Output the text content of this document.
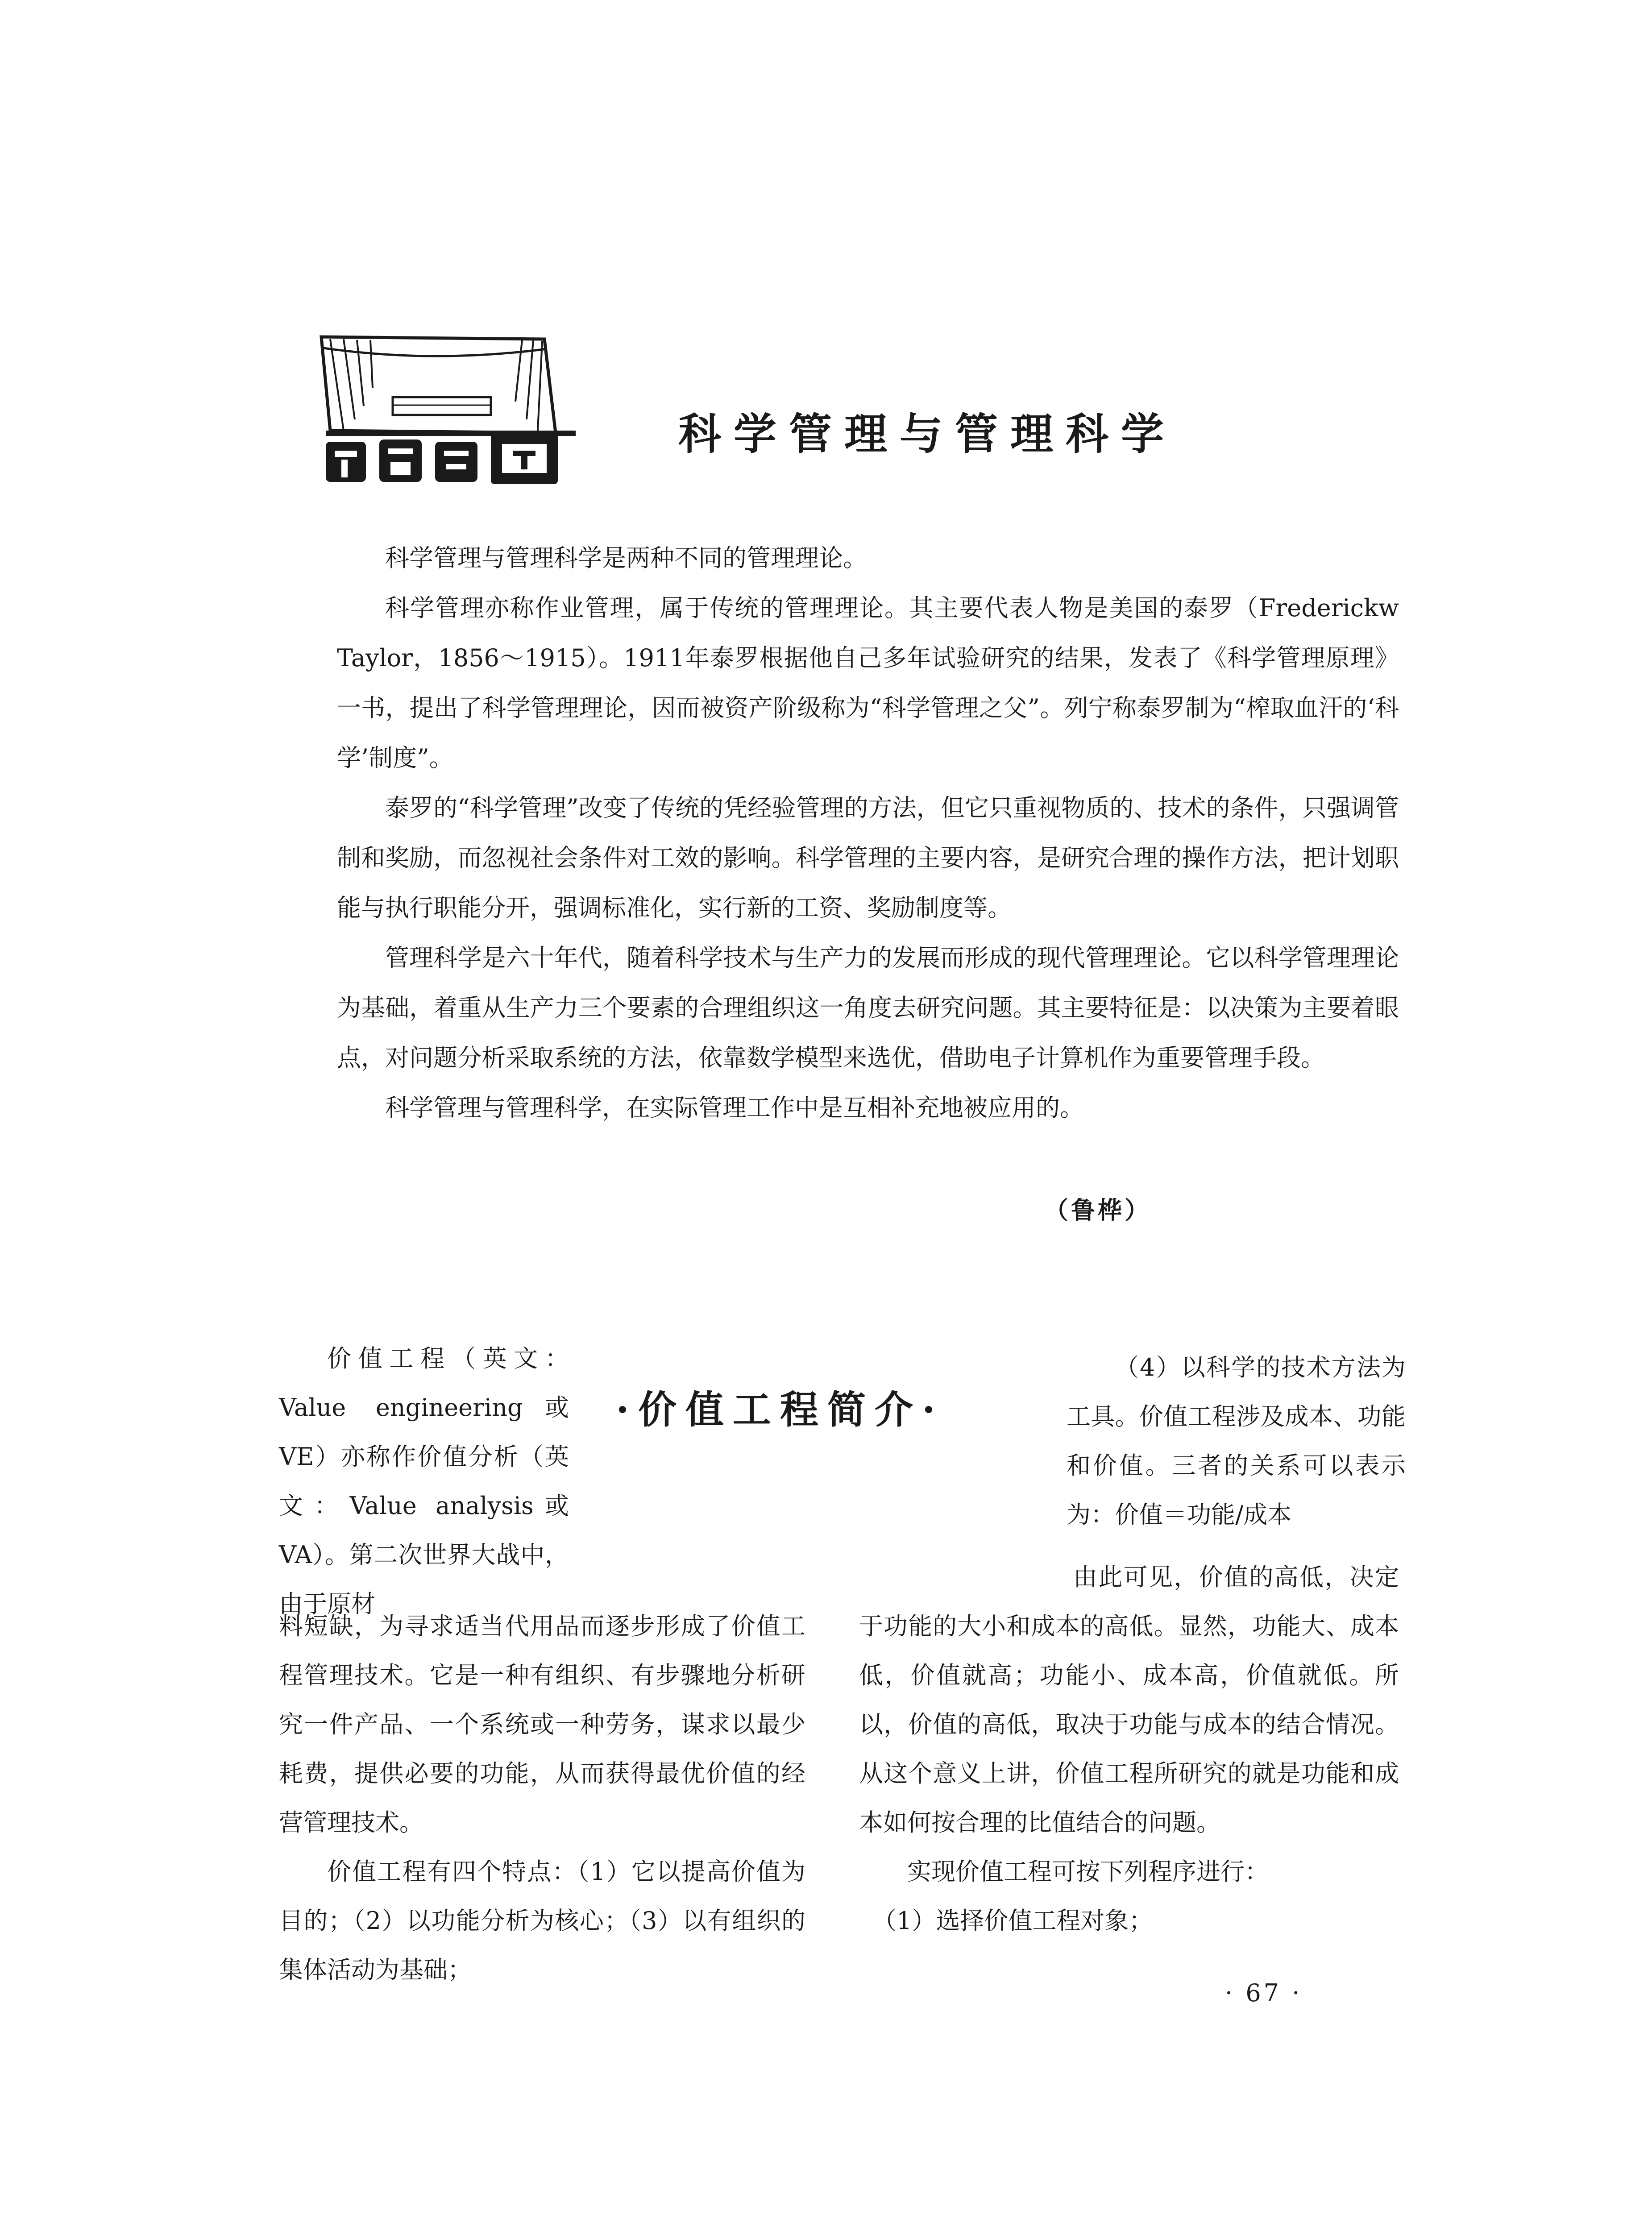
科学管理与管理科学

科学管理与管理科学是两种不同的管理理论。

科学管理亦称作业管理，属于传统的管理理论。其主要代表人物是美国的泰罗（Frederickw Taylor，1856～1915）。1911年泰罗根据他自己多年试验研究的结果，发表了《科学管理原理》一书，提出了科学管理理论，因而被资产阶级称为“科学管理之父”。列宁称泰罗制为“榨取血汗的‘科学’制度”。

泰罗的“科学管理”改变了传统的凭经验管理的方法，但它只重视物质的、技术的条件，只强调管制和奖励，而忽视社会条件对工效的影响。科学管理的主要内容，是研究合理的操作方法，把计划职能与执行职能分开，强调标准化，实行新的工资、奖励制度等。

管理科学是六十年代，随着科学技术与生产力的发展而形成的现代管理理论。它以科学管理理论为基础，着重从生产力三个要素的合理组织这一角度去研究问题。其主要特征是：以决策为主要着眼点，对问题分析采取系统的方法，依靠数学模型来选优，借助电子计算机作为重要管理手段。

科学管理与管理科学，在实际管理工作中是互相补充地被应用的。

（鲁桦）
·价值工程简介·

价值工程（英文：Value engineering或VE）亦称作价值分析（英文：Value analysis或VA）。第二次世界大战中，由于原材

料短缺，为寻求适当代用品而逐步形成了价值工程管理技术。它是一种有组织、有步骤地分析研究一件产品、一个系统或一种劳务，谋求以最少耗费，提供必要的功能，从而获得最优价值的经营管理技术。

价值工程有四个特点：（1）它以提高价值为目的；（2）以功能分析为核心；（3）以有组织的集体活动为基础；

（4）以科学的技术方法为工具。价值工程涉及成本、功能和价值。三者的关系可以表示为：价值＝功能/成本

由此可见，价值的高低，决定于功能的大小和成本的高低。显然，功能大、成本低，价值就高；功能小、成本高，价值就低。所以，价值的高低，取决于功能与成本的结合情况。从这个意义上讲，价值工程所研究的就是功能和成本如何按合理的比值结合的问题。

实现价值工程可按下列程序进行：

（1）选择价值工程对象；

· 67 ·
